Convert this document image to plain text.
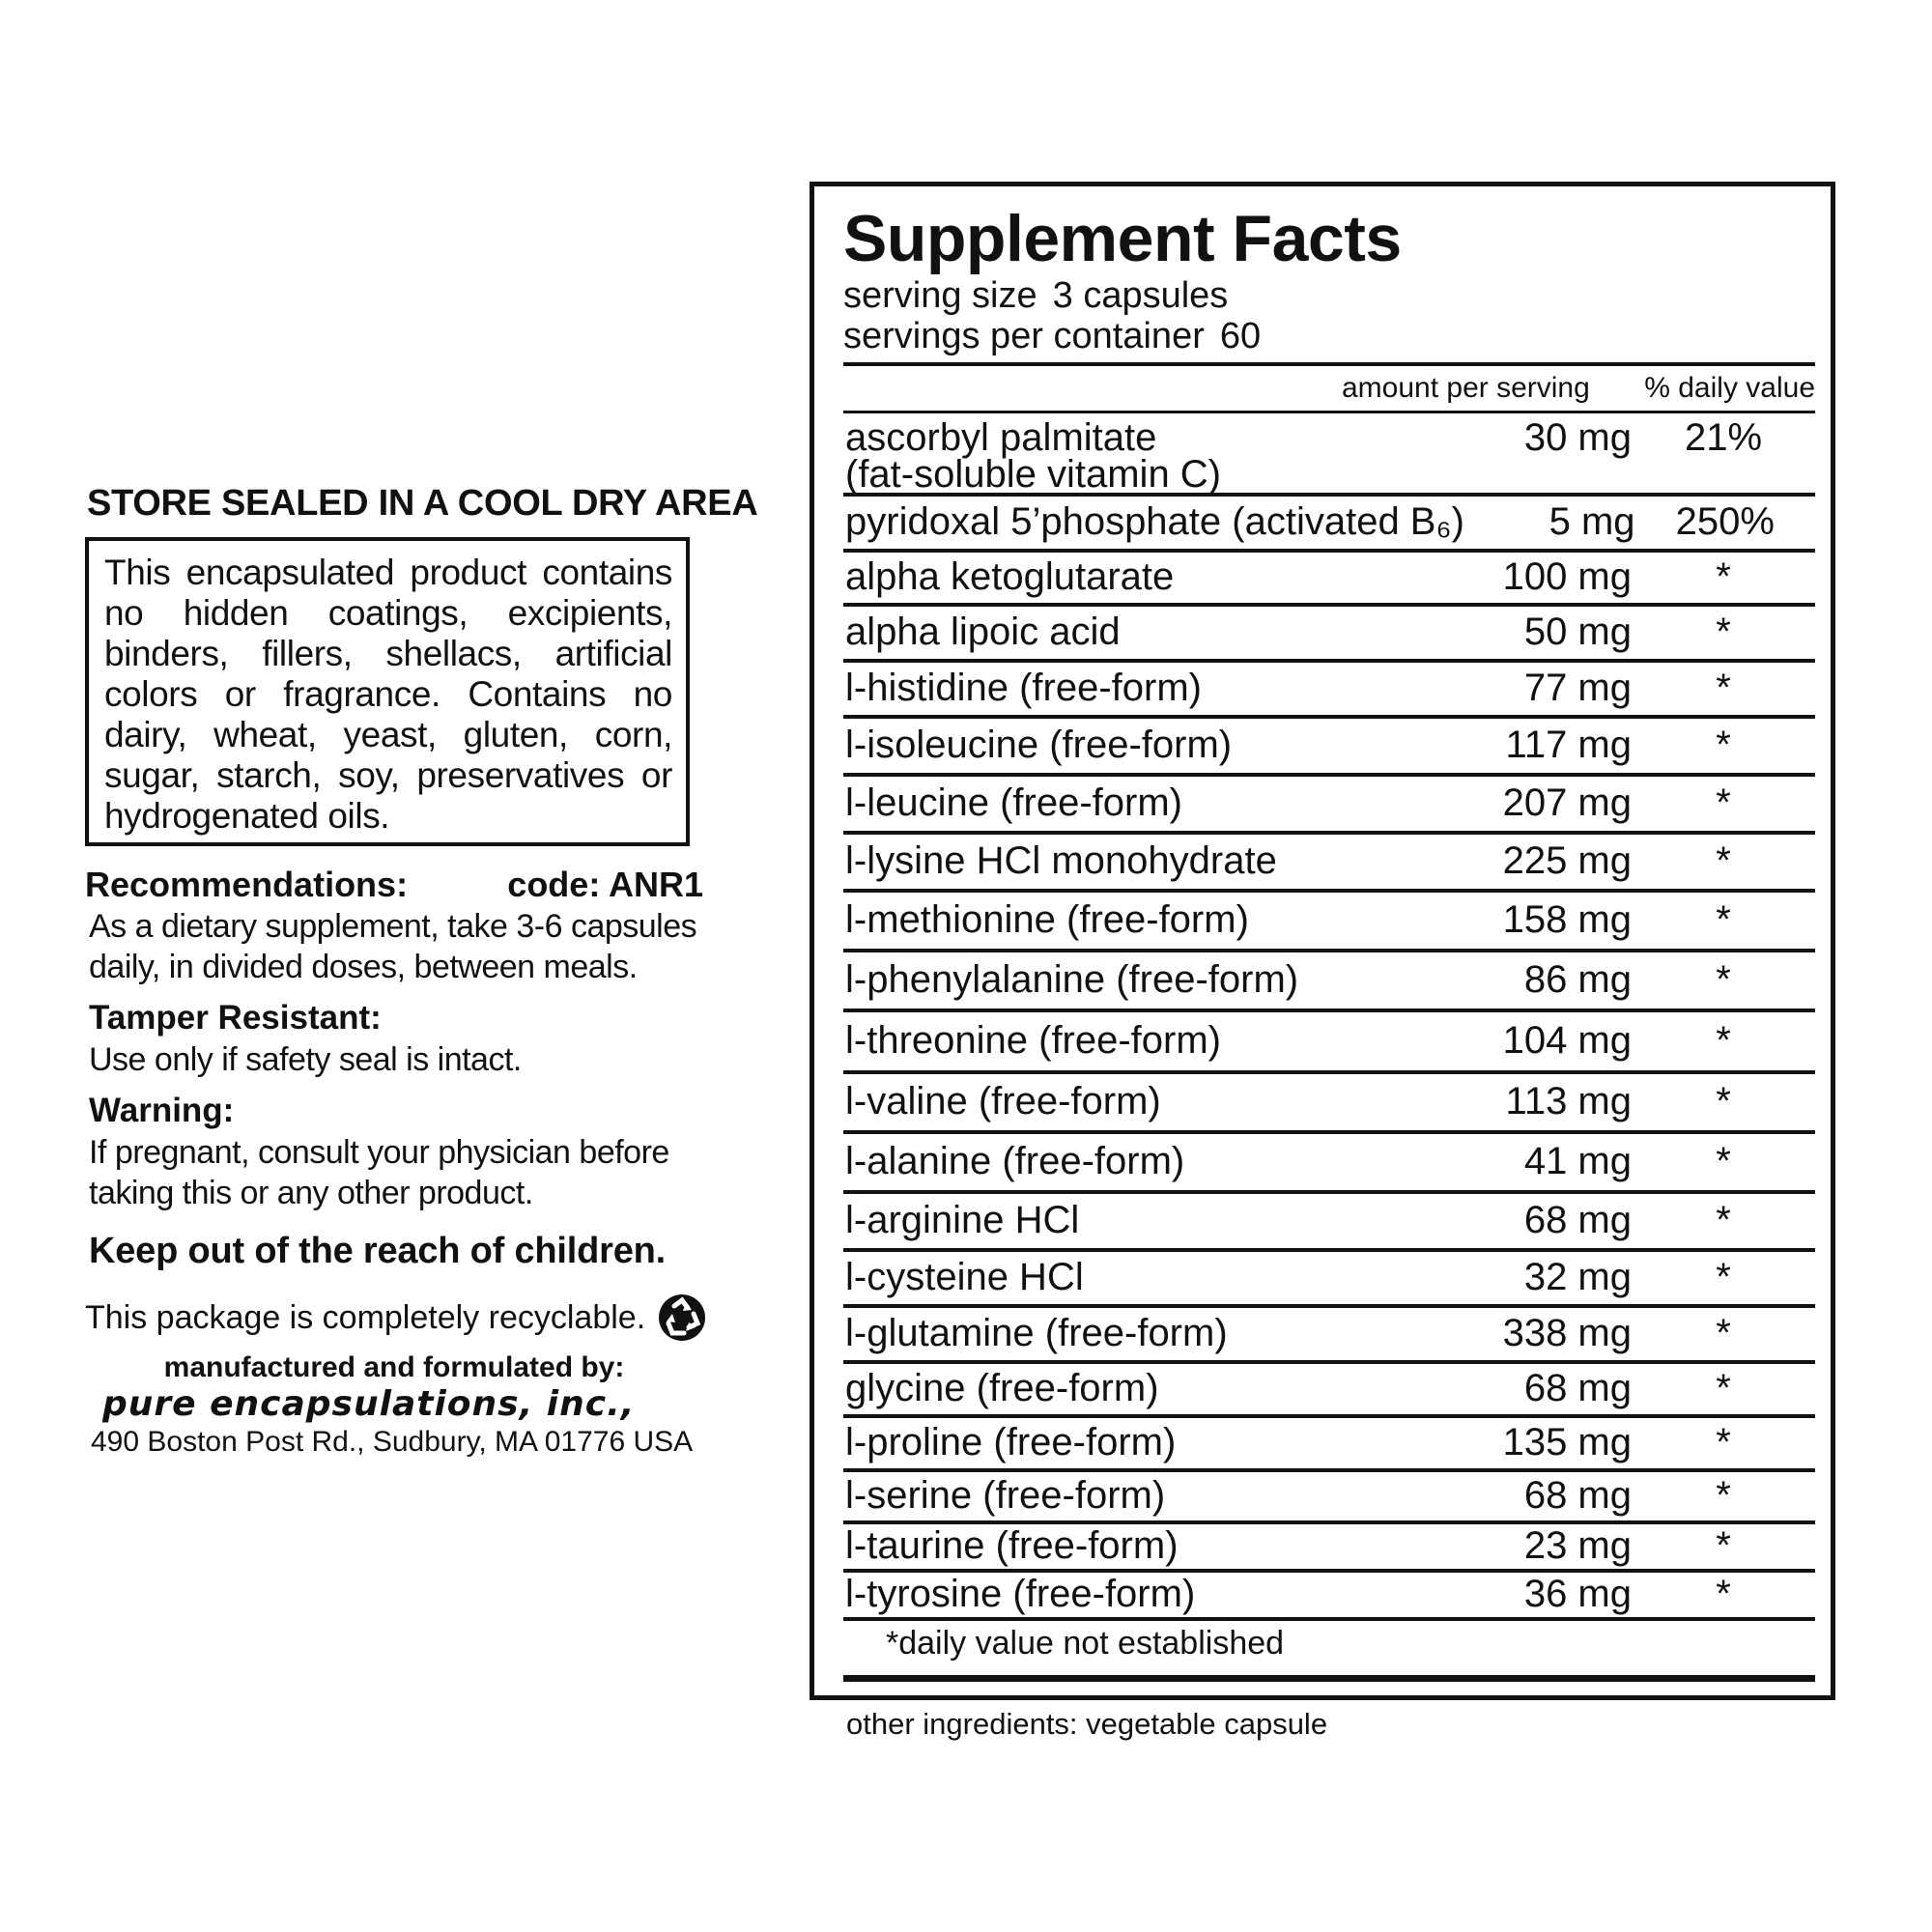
STORE SEALED IN A COOL DRY AREA
This encapsulated product contains no hidden coatings, excipients, binders, fillers, shellacs, artificial colors or fragrance. Contains no dairy, wheat, yeast, gluten, corn, sugar, starch, soy, preservatives or hydrogenated oils.
Recommendations:	code: ANR1
As a dietary supplement, take 3-6 capsules daily, in divided doses, between meals.
Tamper Resistant:
Use only if safety seal is intact.
Warning:
If pregnant, consult your physician before taking this or any other product.
Keep out of the reach of children.
This package is completely recyclable.
manufactured and formulated by:
pure encapsulations, inc.,
490 Boston Post Rd., Sudbury, MA 01776 USA
Supplement Facts
serving size 3 capsules
servings per container 60
amount per serving	% daily value
ascorbyl palmitate
(fat-soluble vitamin C)
30 mg	21%
pyridoxal 5’phosphate (activated B₆)	5 mg	250%
alpha ketoglutarate	100 mg	*
alpha lipoic acid	50 mg	*
l-histidine (free-form)	77 mg	*
l-isoleucine (free-form)	117 mg	*
l-leucine (free-form)	207 mg	*
l-lysine HCl monohydrate	225 mg	*
l-methionine (free-form)	158 mg	*
l-phenylalanine (free-form)	86 mg	*
l-threonine (free-form)	104 mg	*
l-valine (free-form)	113 mg	*
l-alanine (free-form)	41 mg	*
l-arginine HCl	68 mg	*
l-cysteine HCl	32 mg	*
l-glutamine (free-form)	338 mg	*
glycine (free-form)	68 mg	*
l-proline (free-form)	135 mg	*
l-serine (free-form)	68 mg	*
l-taurine (free-form)	23 mg	*
l-tyrosine (free-form)	36 mg	*
*daily value not established
other ingredients: vegetable capsule
